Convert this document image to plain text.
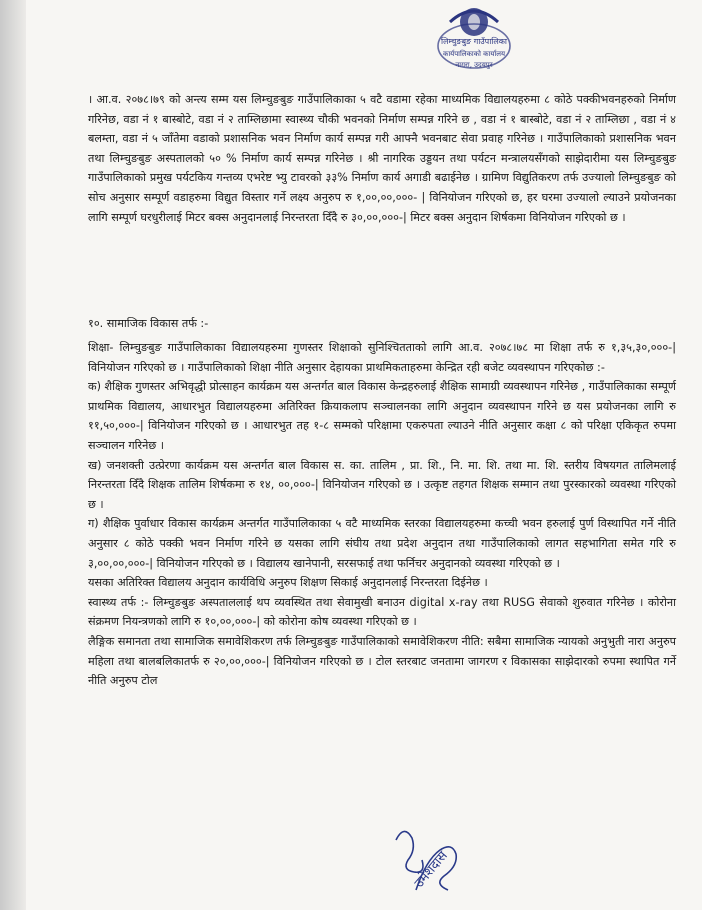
लिम्चुङबुङ गाउँपालिका
कार्यपालिकाको कार्यालय
नागरा, उदयपुर

। आ.व. २०७८।७९ को अन्त्य सम्म यस लिम्चुङबुङ गाउँपालिकाका ५ वटै वडामा रहेका माध्यमिक विद्यालयहरुमा ८ कोठे पक्कीभवनहरुको निर्माण गरिनेछ, वडा नं १ बास्बोटे, वडा नं २ ताम्लिछामा स्वास्थ्य चौकी भवनको निर्माण सम्पन्न गरिने छ , वडा नं १ बास्बोटे, वडा नं २ ताम्लिछा , वडा नं ४ बलम्ता, वडा नं ५ जाँतेमा वडाको प्रशासनिक भवन निर्माण कार्य सम्पन्न गरी आफ्नै भवनबाट सेवा प्रवाह गरिनेछ । गाउँपालिकाको प्रशासनिक भवन तथा लिम्चुङबुङ अस्पतालको ५० % निर्माण कार्य सम्पन्न गरिनेछ । श्री नागरिक उड्डयन तथा पर्यटन मन्त्रालयसँगको साझेदारीमा यस लिम्चुङबुङ गाउँपालिकाको प्रमुख पर्यटकिय गन्तव्य एभरेष्ट भ्यु टावरको ३३% निर्माण कार्य अगाडी बढाईनेछ । ग्रामिण विद्युतिकरण तर्फ उज्यालो लिम्चुङबुङ को सोच अनुसार सम्पूर्ण वडाहरुमा विद्युत विस्तार गर्ने लक्ष्य अनुरुप रु १,००,००,०००- | विनियोजन गरिएको छ, हर घरमा उज्यालो ल्याउने प्रयोजनका लागि सम्पूर्ण घरधुरीलाई मिटर बक्स अनुदानलाई निरन्तरता दिँदै रु ३०,००,०००-| मिटर बक्स अनुदान शिर्षकमा विनियोजन गरिएको छ ।

१०. सामाजिक विकास तर्फ :-

शिक्षा- लिम्चुङबुङ गाउँपालिकाका विद्यालयहरुमा गुणस्तर शिक्षाको सुनिश्चितताको लागि आ.व. २०७८।७८ मा शिक्षा तर्फ रु १,३५,३०,०००-| विनियोजन गरिएको छ । गाउँपालिकाको शिक्षा नीति अनुसार देहायका प्राथमिकताहरुमा केन्द्रित रही बजेट व्यवस्थापन गरिएकोछ :-

क) शैक्षिक गुणस्तर अभिवृद्धी प्रोत्साहन कार्यक्रम यस अन्तर्गत बाल विकास केन्द्रहरुलाई शैक्षिक सामाग्री व्यवस्थापन गरिनेछ , गाउँपालिकाका सम्पूर्ण प्राथमिक विद्यालय, आधारभुत विद्यालयहरुमा अतिरिक्त क्रियाकलाप सञ्चालनका लागि अनुदान व्यवस्थापन गरिने छ यस प्रयोजनका लागि रु ११,५०,०००-| विनियोजन गरिएको छ । आधारभुत तह १-८ सम्मको परिक्षामा एकरुपता ल्याउने नीति अनुसार कक्षा ८ को परिक्षा एकिकृत रुपमा सञ्चालन गरिनेछ ।

ख) जनशक्ती उत्प्रेरणा कार्यक्रम यस अन्तर्गत बाल विकास स. का. तालिम , प्रा. शि., नि. मा. शि. तथा मा. शि. स्तरीय विषयगत तालिमलाई निरन्तरता दिँदै शिक्षक तालिम शिर्षकमा रु १४, ००,०००-| विनियोजन गरिएको छ । उत्कृष्ट तहगत शिक्षक सम्मान तथा पुरस्कारको व्यवस्था गरिएको छ ।

ग) शैक्षिक पुर्वाधार विकास कार्यक्रम अन्तर्गत गाउँपालिकाका ५ वटै माध्यमिक स्तरका विद्यालयहरुमा कच्ची भवन हरुलाई पुर्ण विस्थापित गर्ने नीति अनुसार ८ कोठे पक्की भवन निर्माण गरिने छ यसका लागि संघीय तथा प्रदेश अनुदान तथा गाउँपालिकाको लागत सहभागिता समेत गरि रु ३,००,००,०००-| विनियोजन गरिएको छ । विद्यालय खानेपानी, सरसफाई तथा फर्निचर अनुदानको व्यवस्था गरिएको छ ।

यसका अतिरिक्त विद्यालय अनुदान कार्यविधि अनुरुप शिक्षण सिकाई अनुदानलाई निरन्तरता दिईनेछ ।

स्वास्थ्य तर्फ :- लिम्चुङबुङ अस्पताललाई थप व्यवस्थित तथा सेवामुखी बनाउन digital x-ray तथा RUSG सेवाको शुरुवात गरिनेछ । कोरोना संक्रमण नियन्त्रणको लागि रु १०,००,०००-| को कोरोना कोष व्यवस्था गरिएको छ ।

लैङ्गिक समानता तथा सामाजिक समावेशिकरण तर्फ लिम्चुङबुङ गाउँपालिकाको समावेशिकरण नीति: सबैमा सामाजिक न्यायको अनुभुती नारा अनुरुप महिला तथा बालबलिकातर्फ रु २०,००,०००-| विनियोजन गरिएको छ । टोल स्तरबाट जनतामा जागरण र विकासका साझेदारको रुपमा स्थापित गर्ने नीति अनुरुप टोल

उमेशदास
